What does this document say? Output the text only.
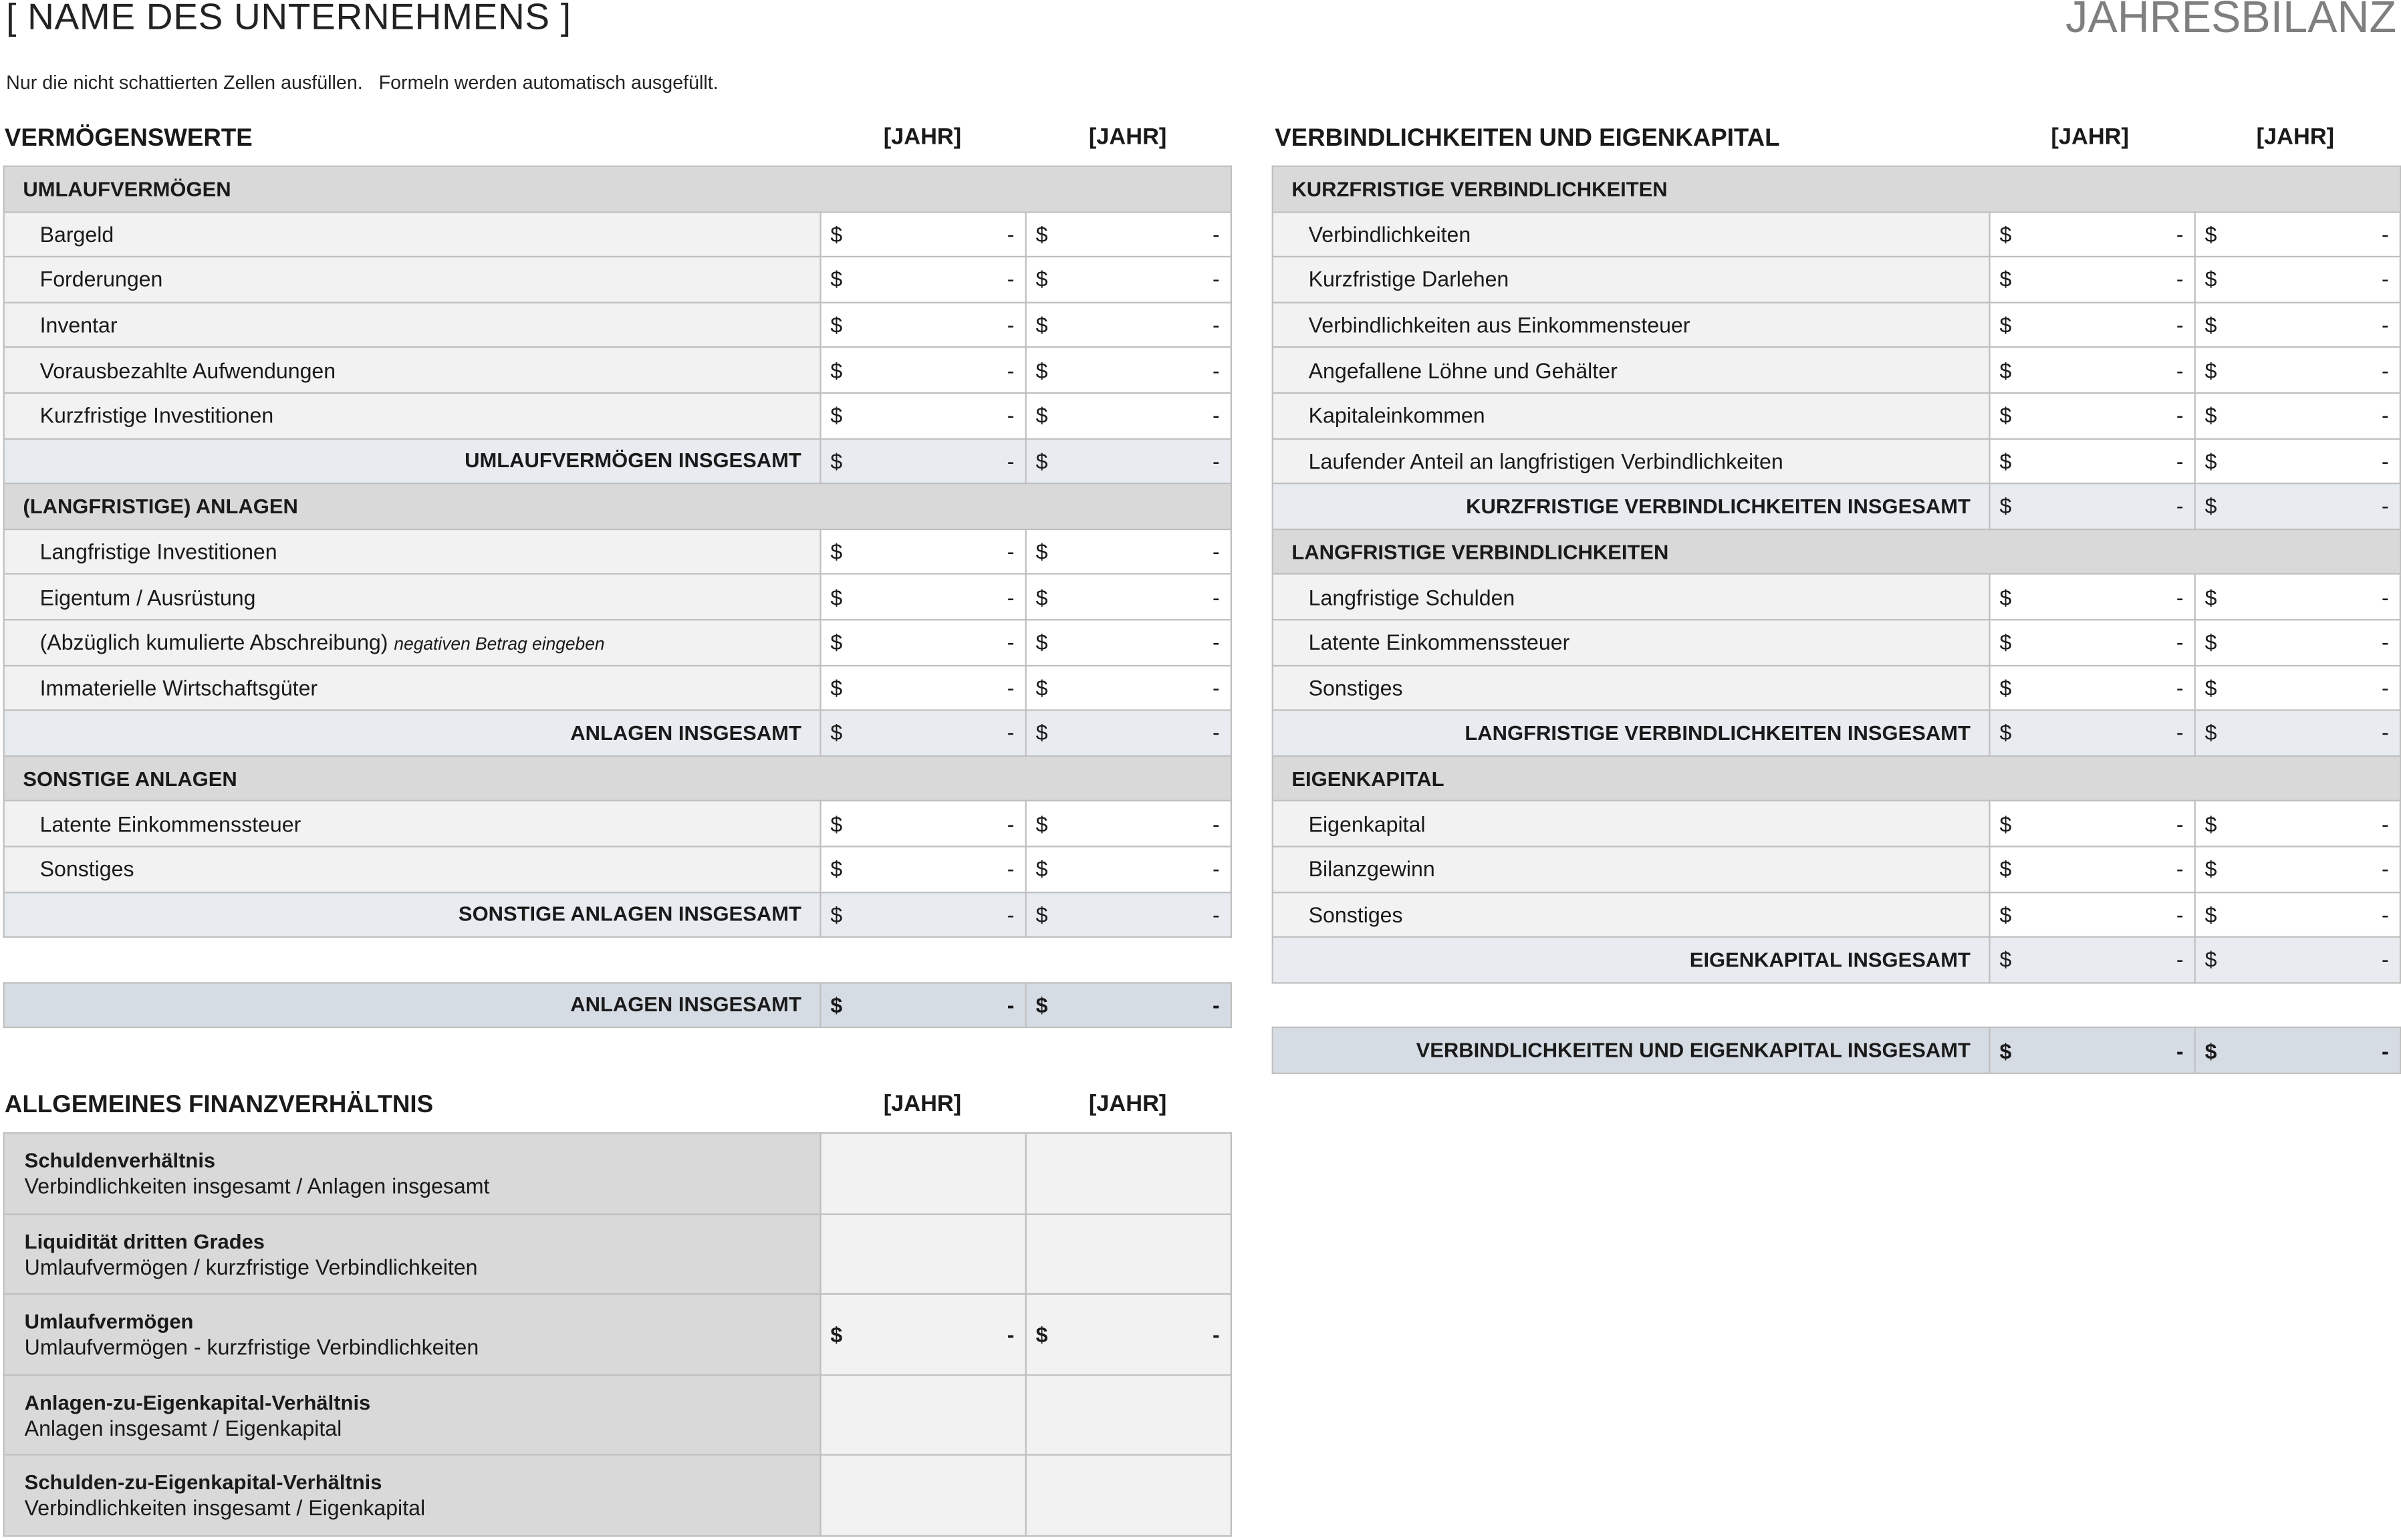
[ NAME DES UNTERNEHMENS ]	JAHRESBILANZ
Nur die nicht schattierten Zellen ausfüllen.   Formeln werden automatisch ausgefüllt.
VERMÖGENSWERTE	[JAHR]	[JAHR]
UMLAUFVERMÖGEN		
Bargeld	$ -	$ -

Forderungen	$ -	$ -

Inventar	$ -	$ -

Vorausbezahlte Aufwendungen	$ -	$ -

Kurzfristige Investitionen	$ -	$ -

UMLAUFVERMÖGEN INSGESAMT	$ -	$ -

(LANGFRISTIGE) ANLAGEN		
Langfristige Investitionen	$ -	$ -

Eigentum / Ausrüstung	$ -	$ -

(Abzüglich kumulierte Abschreibung) negativen Betrag eingeben	$ -	$ -

Immaterielle Wirtschaftsgüter	$ -	$ -

ANLAGEN INSGESAMT	$ -	$ -

SONSTIGE ANLAGEN		
Latente Einkommenssteuer	$ -	$ -

Sonstiges	$ -	$ -

SONSTIGE ANLAGEN INSGESAMT	$ -	$ -

ANLAGEN INSGESAMT	$ -	$ -
VERBINDLICHKEITEN UND EIGENKAPITAL	[JAHR]	[JAHR]
KURZFRISTIGE VERBINDLICHKEITEN		
Verbindlichkeiten	$ -	$ -

Kurzfristige Darlehen	$ -	$ -

Verbindlichkeiten aus Einkommensteuer	$ -	$ -

Angefallene Löhne und Gehälter	$ -	$ -

Kapitaleinkommen	$ -	$ -

Laufender Anteil an langfristigen Verbindlichkeiten	$ -	$ -

KURZFRISTIGE VERBINDLICHKEITEN INSGESAMT	$ -	$ -

LANGFRISTIGE VERBINDLICHKEITEN		
Langfristige Schulden	$ -	$ -

Latente Einkommenssteuer	$ -	$ -

Sonstiges	$ -	$ -

LANGFRISTIGE VERBINDLICHKEITEN INSGESAMT	$ -	$ -

EIGENKAPITAL		
Eigenkapital	$ -	$ -

Bilanzgewinn	$ -	$ -

Sonstiges	$ -	$ -

EIGENKAPITAL INSGESAMT	$ -	$ -

VERBINDLICHKEITEN UND EIGENKAPITAL INSGESAMT	$ -	$ -
ALLGEMEINES FINANZVERHÄLTNIS	[JAHR]	[JAHR]
Schuldenverhältnis
Verbindlichkeiten insgesamt / Anlagen insgesamt	

Liquidität dritten Grades
Umlaufvermögen / kurzfristige Verbindlichkeiten	

Umlaufvermögen
Umlaufvermögen - kurzfristige Verbindlichkeiten	$ -	$ -

Anlagen-zu-Eigenkapital-Verhältnis
Anlagen insgesamt / Eigenkapital	

Schulden-zu-Eigenkapital-Verhältnis
Verbindlichkeiten insgesamt / Eigenkapital	
